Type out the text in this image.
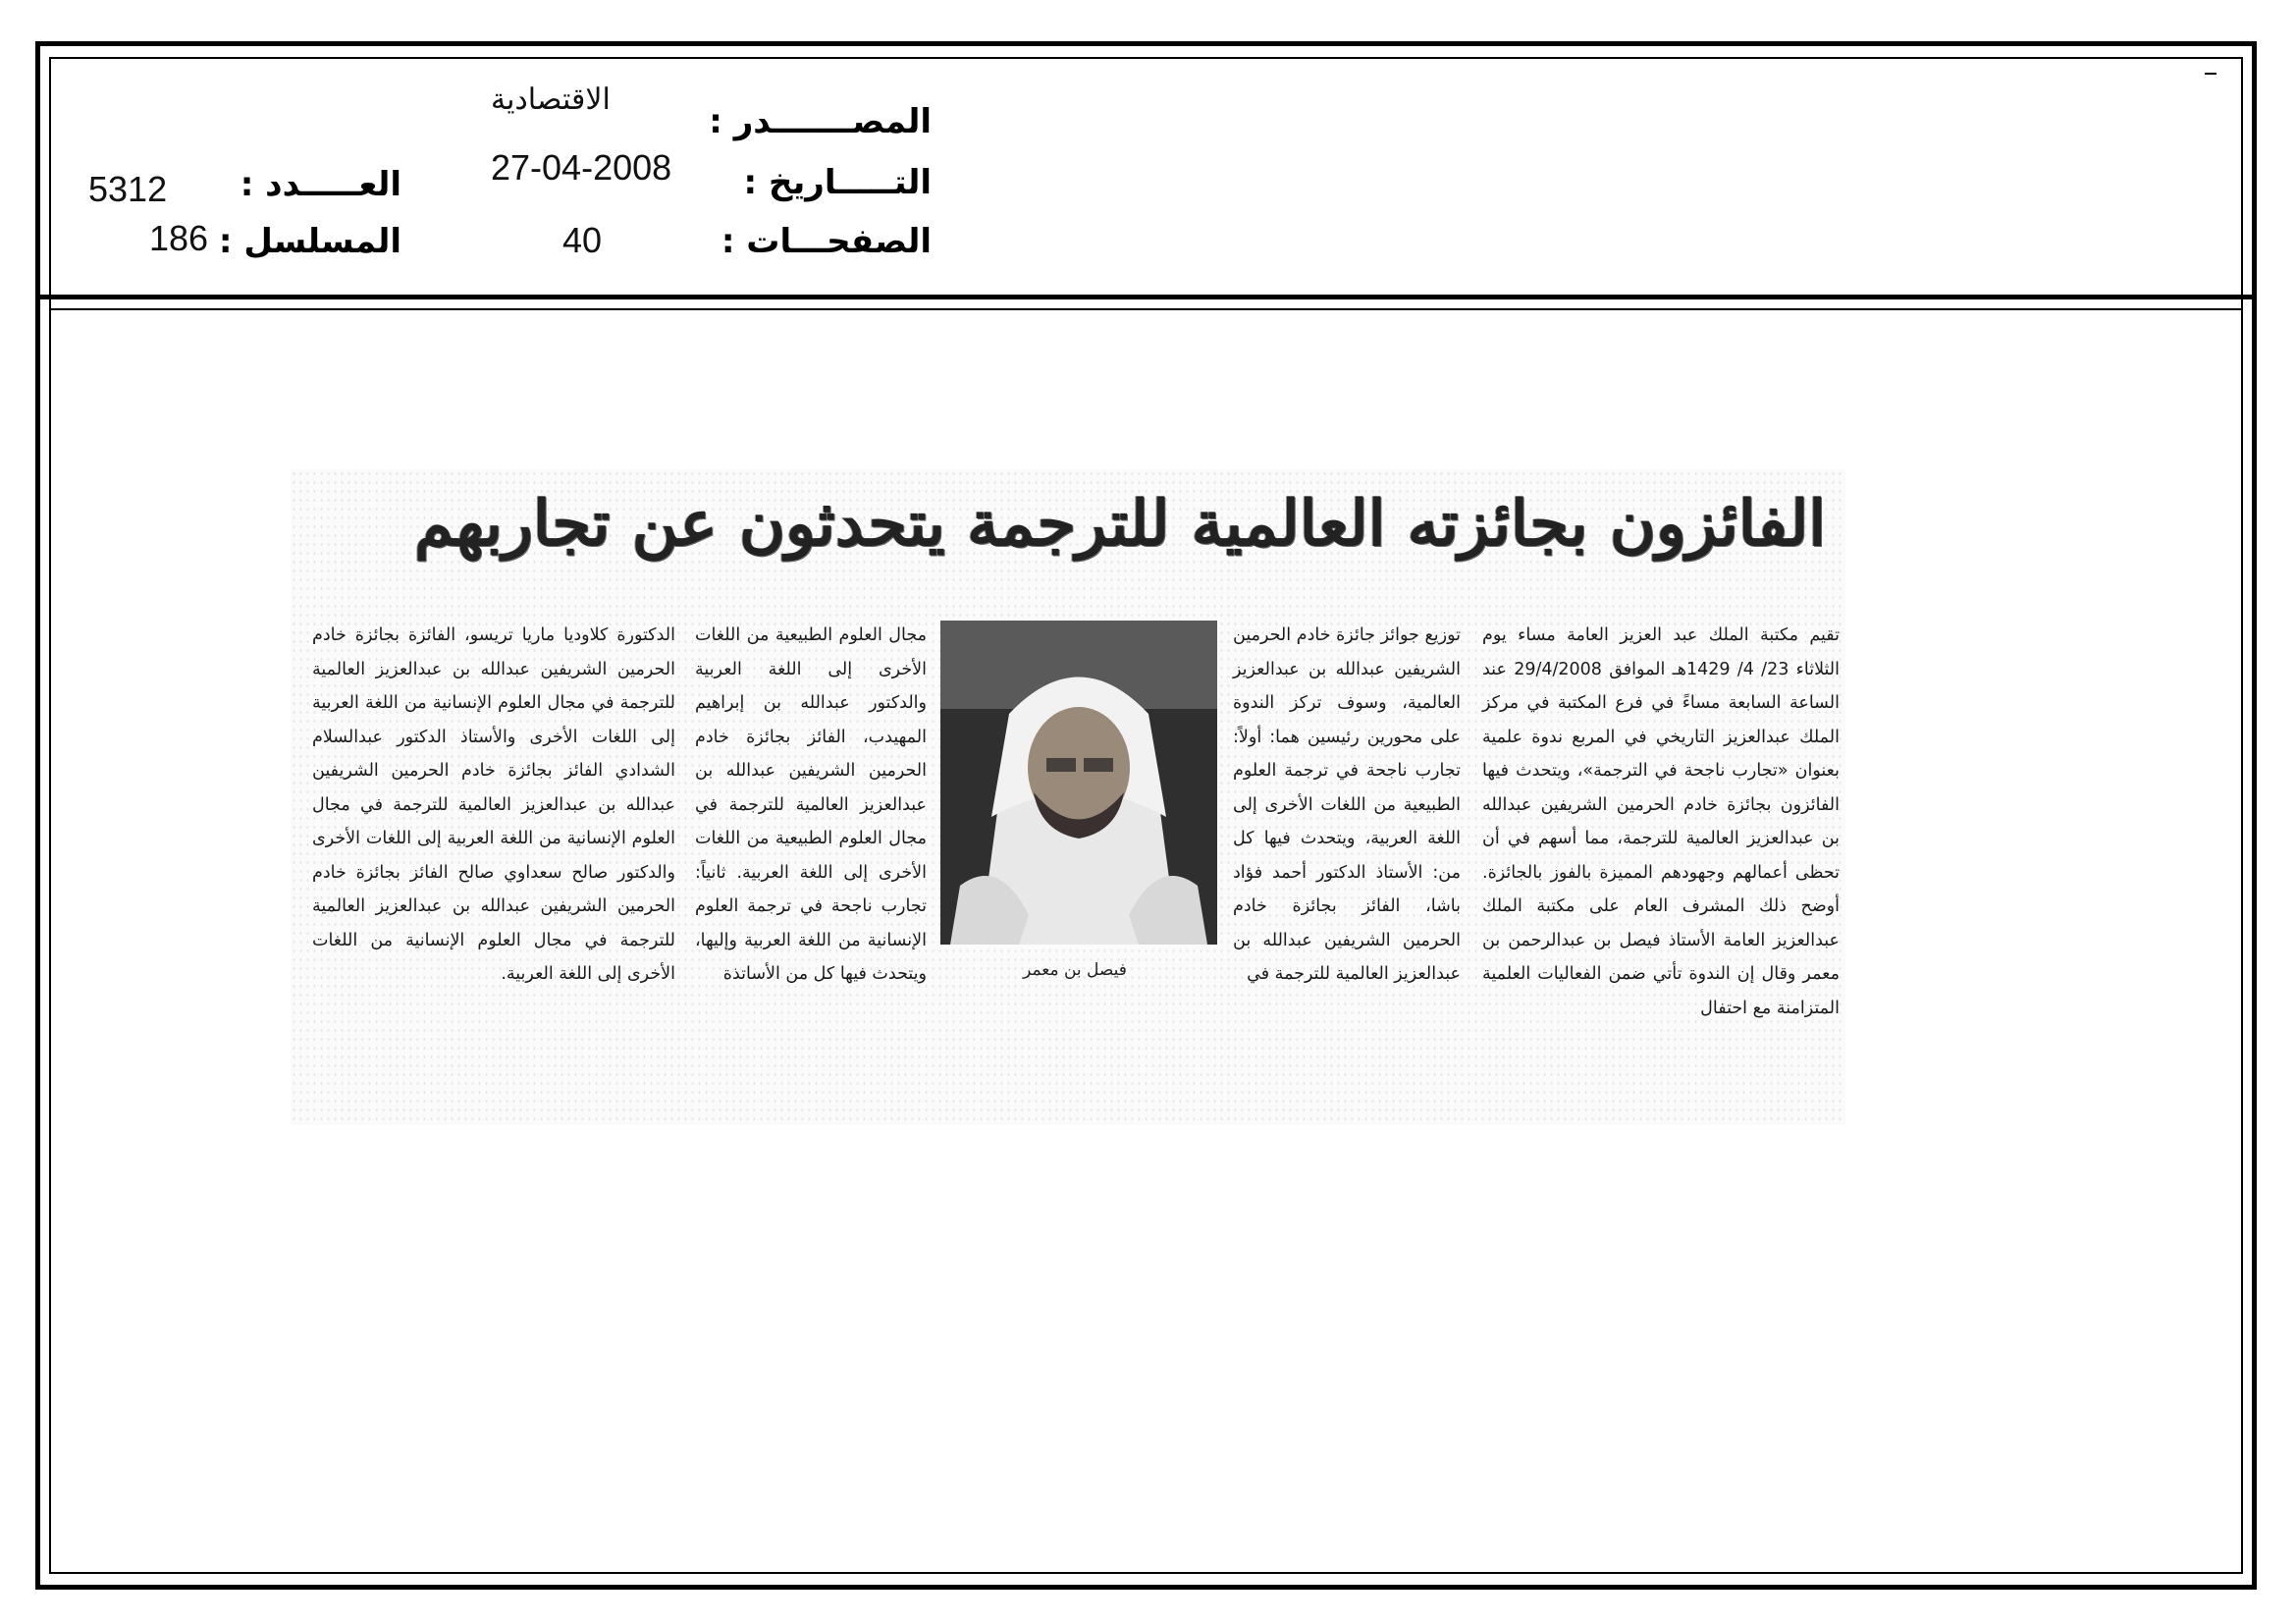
المصـــــــدر :
الاقتصادية
التـــــاريخ :
27-04-2008
الصفحـــات :
40
العـــــدد :
5312
المسلسل :
186
الفائزون بجائزته العالمية للترجمة يتحدثون عن تجاربهم
تقيم مكتبة الملك عبد العزيز العامة مساء يوم الثلاثاء 23/ 4/ 1429هـ الموافق 29/4/2008 عند الساعة السابعة مساءً في فرع المكتبة في مركز الملك عبدالعزيز التاريخي في المربع ندوة علمية بعنوان «تجارب ناجحة في الترجمة»، ويتحدث فيها الفائزون بجائزة خادم الحرمين الشريفين عبدالله بن عبدالعزيز العالمية للترجمة، مما أسهم في أن تحظى أعمالهم وجهودهم المميزة بالفوز بالجائزة. أوضح ذلك المشرف العام على مكتبة الملك عبدالعزيز العامة الأستاذ فيصل بن عبدالرحمن بن معمر وقال إن الندوة تأتي ضمن الفعاليات العلمية المتزامنة مع احتفال
توزيع جوائز جائزة خادم الحرمين الشريفين عبدالله بن عبدالعزيز العالمية، وسوف تركز الندوة على محورين رئيسين هما: أولاً: تجارب ناجحة في ترجمة العلوم الطبيعية من اللغات الأخرى إلى اللغة العربية، ويتحدث فيها كل من: الأستاذ الدكتور أحمد فؤاد باشا، الفائز بجائزة خادم الحرمين الشريفين عبدالله بن عبدالعزيز العالمية للترجمة في
مجال العلوم الطبيعية من اللغات الأخرى إلى اللغة العربية والدكتور عبدالله بن إبراهيم المهيدب، الفائز بجائزة خادم الحرمين الشريفين عبدالله بن عبدالعزيز العالمية للترجمة في مجال العلوم الطبيعية من اللغات الأخرى إلى اللغة العربية. ثانياً: تجارب ناجحة في ترجمة العلوم الإنسانية من اللغة العربية وإليها، ويتحدث فيها كل من الأساتذة
الدكتورة كلاوديا ماريا تريسو، الفائزة بجائزة خادم الحرمين الشريفين عبدالله بن عبدالعزيز العالمية للترجمة في مجال العلوم الإنسانية من اللغة العربية إلى اللغات الأخرى والأستاذ الدكتور عبدالسلام الشدادي الفائز بجائزة خادم الحرمين الشريفين عبدالله بن عبدالعزيز العالمية للترجمة في مجال العلوم الإنسانية من اللغة العربية إلى اللغات الأخرى والدكتور صالح سعداوي صالح الفائز بجائزة خادم الحرمين الشريفين عبدالله بن عبدالعزيز العالمية للترجمة في مجال العلوم الإنسانية من اللغات الأخرى إلى اللغة العربية.	فيصل بن معمر
